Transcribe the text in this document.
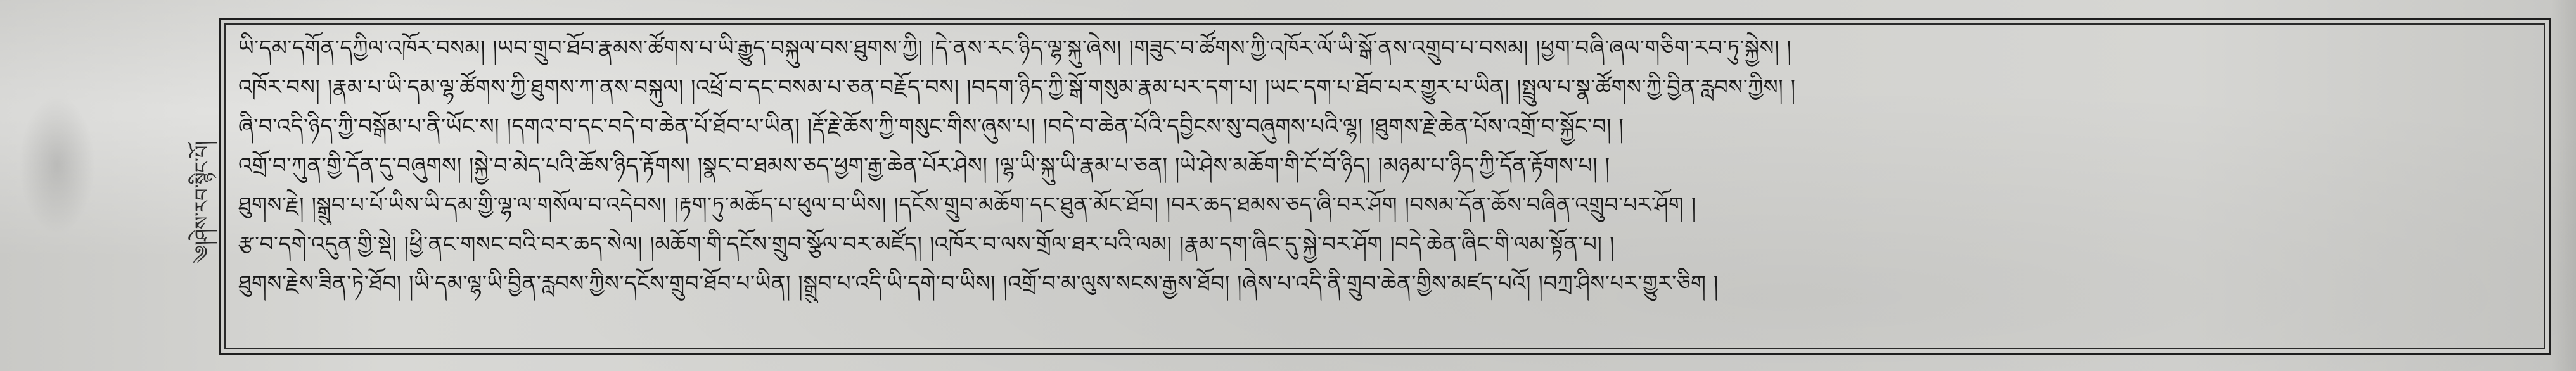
༄།ཤེས་རབ་སྙིང་པོ།
ཡི་དམ་དགོན་དཀྱིལ་འཁོར་བསམ། །ཡབ་གྲུབ་ཐོབ་རྣམས་ཚོགས་པ་ཡི་རྒྱུད་བསྐུལ་བས་ཐུགས་ཀྱི། །དེ་ནས་རང་ཉིད་ལྷ་སྐུ་ཞེས། །གཟུང་བ་ཚོགས་ཀྱི་འཁོར་ལོ་ཡི་སྒོ་ནས་འགྲུབ་པ་བསམ། །ཕྱག་བཞི་ཞལ་གཅིག་རབ་ཏུ་སྐྱེས། །
འཁོར་བས། །རྣམ་པ་ཡི་དམ་ལྷ་ཚོགས་ཀྱི་ཐུགས་ཀ་ནས་བསྐུལ། །འཕྲོ་བ་དང་བསམ་པ་ཅན་བརྗོད་བས། །བདག་ཉིད་ཀྱི་སྒོ་གསུམ་རྣམ་པར་དག་པ། །ཡང་དག་པ་ཐོབ་པར་གྱུར་པ་ཡིན། །སྤྲུལ་པ་སྣ་ཚོགས་ཀྱི་བྱིན་རླབས་ཀྱིས། །
ཞི་བ་འདི་ཉིད་ཀྱི་བསྒོམ་པ་ནི་ཡོང་ས། །དགའ་བ་དང་བདེ་བ་ཆེན་པོ་ཐོབ་པ་ཡིན། །རྡོ་རྗེ་ཆོས་ཀྱི་གསུང་གིས་ཞུས་པ། །བདེ་བ་ཆེན་པོའི་དབྱིངས་སུ་བཞུགས་པའི་ལྷ། །ཐུགས་རྗེ་ཆེན་པོས་འགྲོ་བ་སྐྱོང་བ། །
འགྲོ་བ་ཀུན་གྱི་དོན་དུ་བཞུགས། །སྐྱེ་བ་མེད་པའི་ཆོས་ཉིད་རྟོགས། །སྣང་བ་ཐམས་ཅད་ཕྱག་རྒྱ་ཆེན་པོར་ཤེས། །ལྷ་ཡི་སྐུ་ཡི་རྣམ་པ་ཅན། །ཡེ་ཤེས་མཆོག་གི་ངོ་བོ་ཉིད། །མཉམ་པ་ཉིད་ཀྱི་དོན་རྟོགས་པ། །
ཐུགས་རྗེ། །སྒྲུབ་པ་པོ་ཡིས་ཡི་དམ་གྱི་ལྷ་ལ་གསོལ་བ་འདེབས། །རྟག་ཏུ་མཆོད་པ་ཕུལ་བ་ཡིས། །དངོས་གྲུབ་མཆོག་དང་ཐུན་མོང་ཐོབ། །བར་ཆད་ཐམས་ཅད་ཞི་བར་ཤོག །བསམ་དོན་ཆོས་བཞིན་འགྲུབ་པར་ཤོག །
རྩ་བ་དགེ་འདུན་གྱི་སྡེ། །ཕྱི་ནང་གསང་བའི་བར་ཆད་སེལ། །མཆོག་གི་དངོས་གྲུབ་སྩོལ་བར་མཛོད། །འཁོར་བ་ལས་གྲོལ་ཐར་པའི་ལམ། །རྣམ་དག་ཞིང་དུ་སྐྱེ་བར་ཤོག །བདེ་ཆེན་ཞིང་གི་ལམ་སྟོན་པ། །
ཐུགས་རྗེས་ཟིན་ཏེ་ཐོབ། །ཡི་དམ་ལྷ་ཡི་བྱིན་རླབས་ཀྱིས་དངོས་གྲུབ་ཐོབ་པ་ཡིན། །སྒྲུབ་པ་འདི་ཡི་དགེ་བ་ཡིས། །འགྲོ་བ་མ་ལུས་སངས་རྒྱས་ཐོབ། །ཞེས་པ་འདི་ནི་གྲུབ་ཆེན་གྱིས་མཛད་པའོ། །བཀྲ་ཤིས་པར་གྱུར་ཅིག །
